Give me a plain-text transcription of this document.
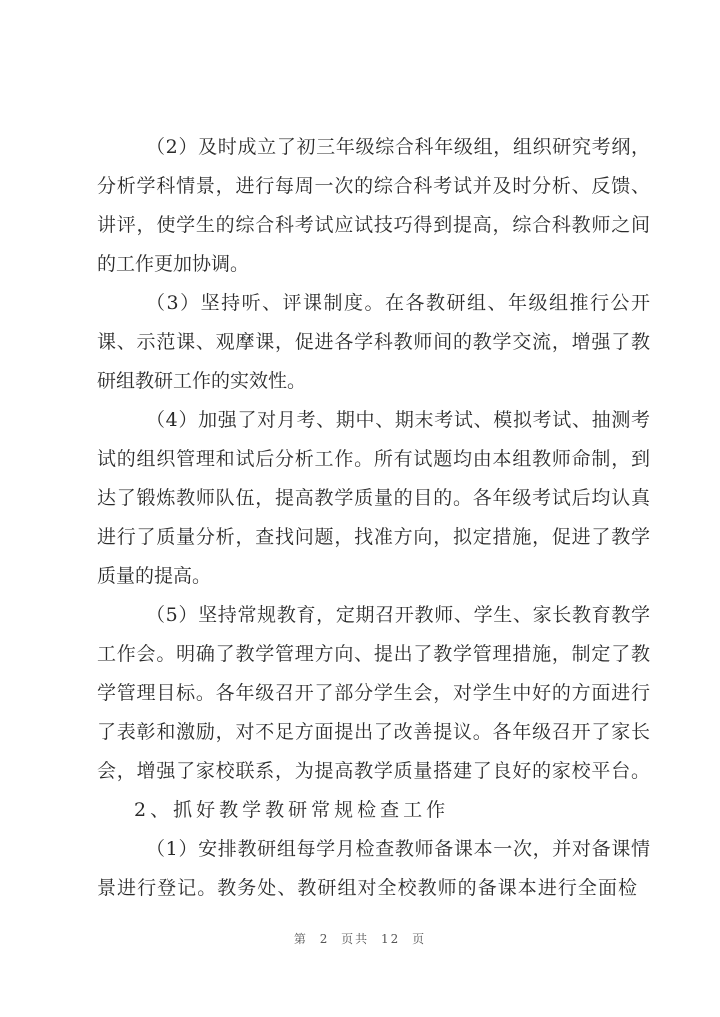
（2）及时成立了初三年级综合科年级组，组织研究考纲，
分析学科情景，进行每周一次的综合科考试并及时分析、反馈、
讲评，使学生的综合科考试应试技巧得到提高，综合科教师之间
的工作更加协调。
（3）坚持听、评课制度。在各教研组、年级组推行公开
课、示范课、观摩课，促进各学科教师间的教学交流，增强了教
研组教研工作的实效性。
（4）加强了对月考、期中、期末考试、模拟考试、抽测考
试的组织管理和试后分析工作。所有试题均由本组教师命制，到
达了锻炼教师队伍，提高教学质量的目的。各年级考试后均认真
进行了质量分析，查找问题，找准方向，拟定措施，促进了教学
质量的提高。
（5）坚持常规教育，定期召开教师、学生、家长教育教学
工作会。明确了教学管理方向、提出了教学管理措施，制定了教
学管理目标。各年级召开了部分学生会，对学生中好的方面进行
了表彰和激励，对不足方面提出了改善提议。各年级召开了家长
会，增强了家校联系，为提高教学质量搭建了良好的家校平台。
2、抓好教学教研常规检查工作
（1）安排教研组每学月检查教师备课本一次，并对备课情
景进行登记。教务处、教研组对全校教师的备课本进行全面检
第 2 页共 12 页
